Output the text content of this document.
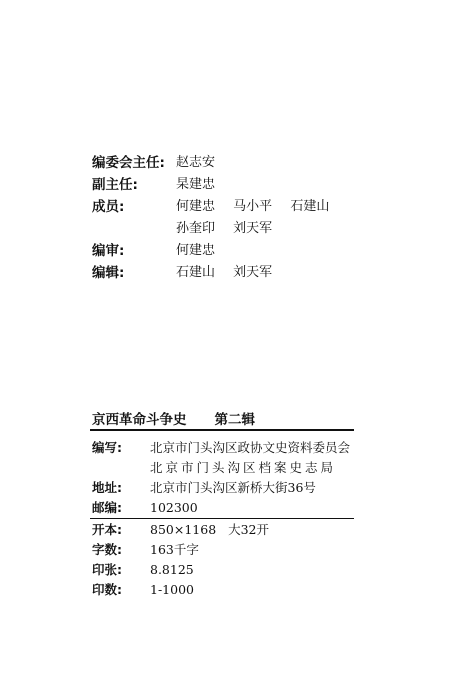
编委会主任: 赵志安
副主任:	杲建忠
成员:	何建忠 马小平 石建山
孙奎印 刘天军
编审:	何建忠
编辑:	石建山 刘天军
京西革命斗争史 第二辑
编写:	北京市门头沟区政协文史资料委员会
北京市门头沟区档案史志局
地址:	北京市门头沟区新桥大街36号
邮编:	102300
开本:	850×1168   大32开
字数:	163千字
印张:	8.8125
印数:	1-1000
